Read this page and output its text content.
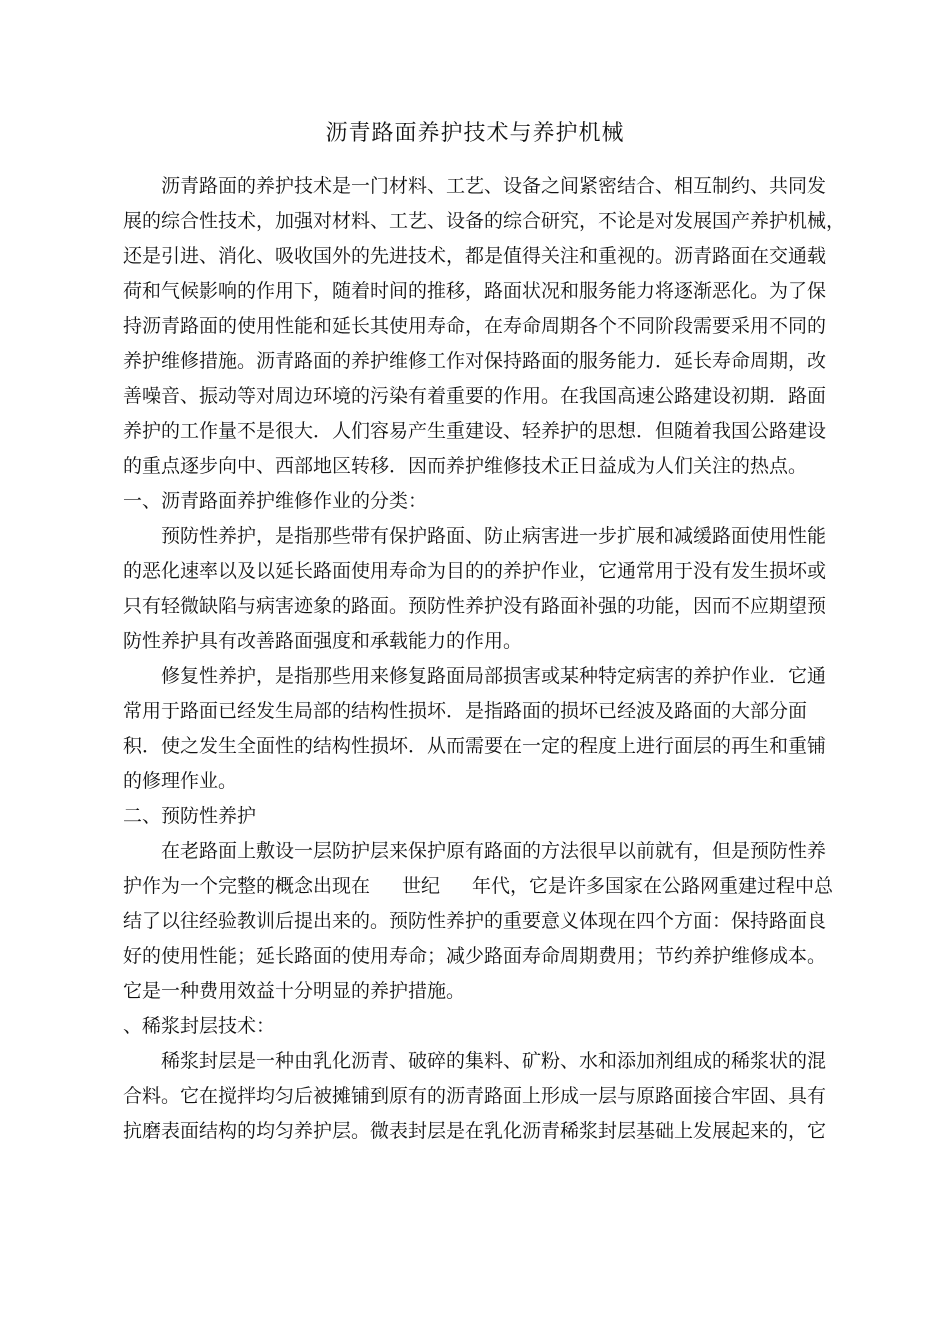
沥青路面养护技术与养护机械
沥青路面的养护技术是一门材料、工艺、设备之间紧密结合、相互制约、共同发
展的综合性技术，加强对材料、工艺、设备的综合研究，不论是对发展国产养护机械，
还是引进、消化、吸收国外的先进技术，都是值得关注和重视的。沥青路面在交通载
荷和气候影响的作用下，随着时间的推移，路面状况和服务能力将逐渐恶化。为了保
持沥青路面的使用性能和延长其使用寿命，在寿命周期各个不同阶段需要采用不同的
养护维修措施。沥青路面的养护维修工作对保持路面的服务能力．延长寿命周期，改
善噪音、振动等对周边环境的污染有着重要的作用。在我国高速公路建设初期．路面
养护的工作量不是很大．人们容易产生重建设、轻养护的思想．但随着我国公路建设
的重点逐步向中、西部地区转移．因而养护维修技术正日益成为人们关注的热点。
一、沥青路面养护维修作业的分类：
预防性养护，是指那些带有保护路面、防止病害进一步扩展和减缓路面使用性能
的恶化速率以及以延长路面使用寿命为目的的养护作业，它通常用于没有发生损坏或
只有轻微缺陷与病害迹象的路面。预防性养护没有路面补强的功能，因而不应期望预
防性养护具有改善路面强度和承载能力的作用。
修复性养护，是指那些用来修复路面局部损害或某种特定病害的养护作业．它通
常用于路面已经发生局部的结构性损坏．是指路面的损坏已经波及路面的大部分面
积．使之发生全面性的结构性损坏．从而需要在一定的程度上进行面层的再生和重铺
的修理作业。
二、预防性养护
在老路面上敷设一层防护层来保护原有路面的方法很早以前就有，但是预防性养
护作为一个完整的概念出现在 世纪 年代，它是许多国家在公路网重建过程中总
结了以往经验教训后提出来的。预防性养护的重要意义体现在四个方面：保持路面良
好的使用性能；延长路面的使用寿命；减少路面寿命周期费用；节约养护维修成本。
它是一种费用效益十分明显的养护措施。
、稀浆封层技术：
稀浆封层是一种由乳化沥青、破碎的集料、矿粉、水和添加剂组成的稀浆状的混
合料。它在搅拌均匀后被摊铺到原有的沥青路面上形成一层与原路面接合牢固、具有
抗磨表面结构的均匀养护层。微表封层是在乳化沥青稀浆封层基础上发展起来的，它
